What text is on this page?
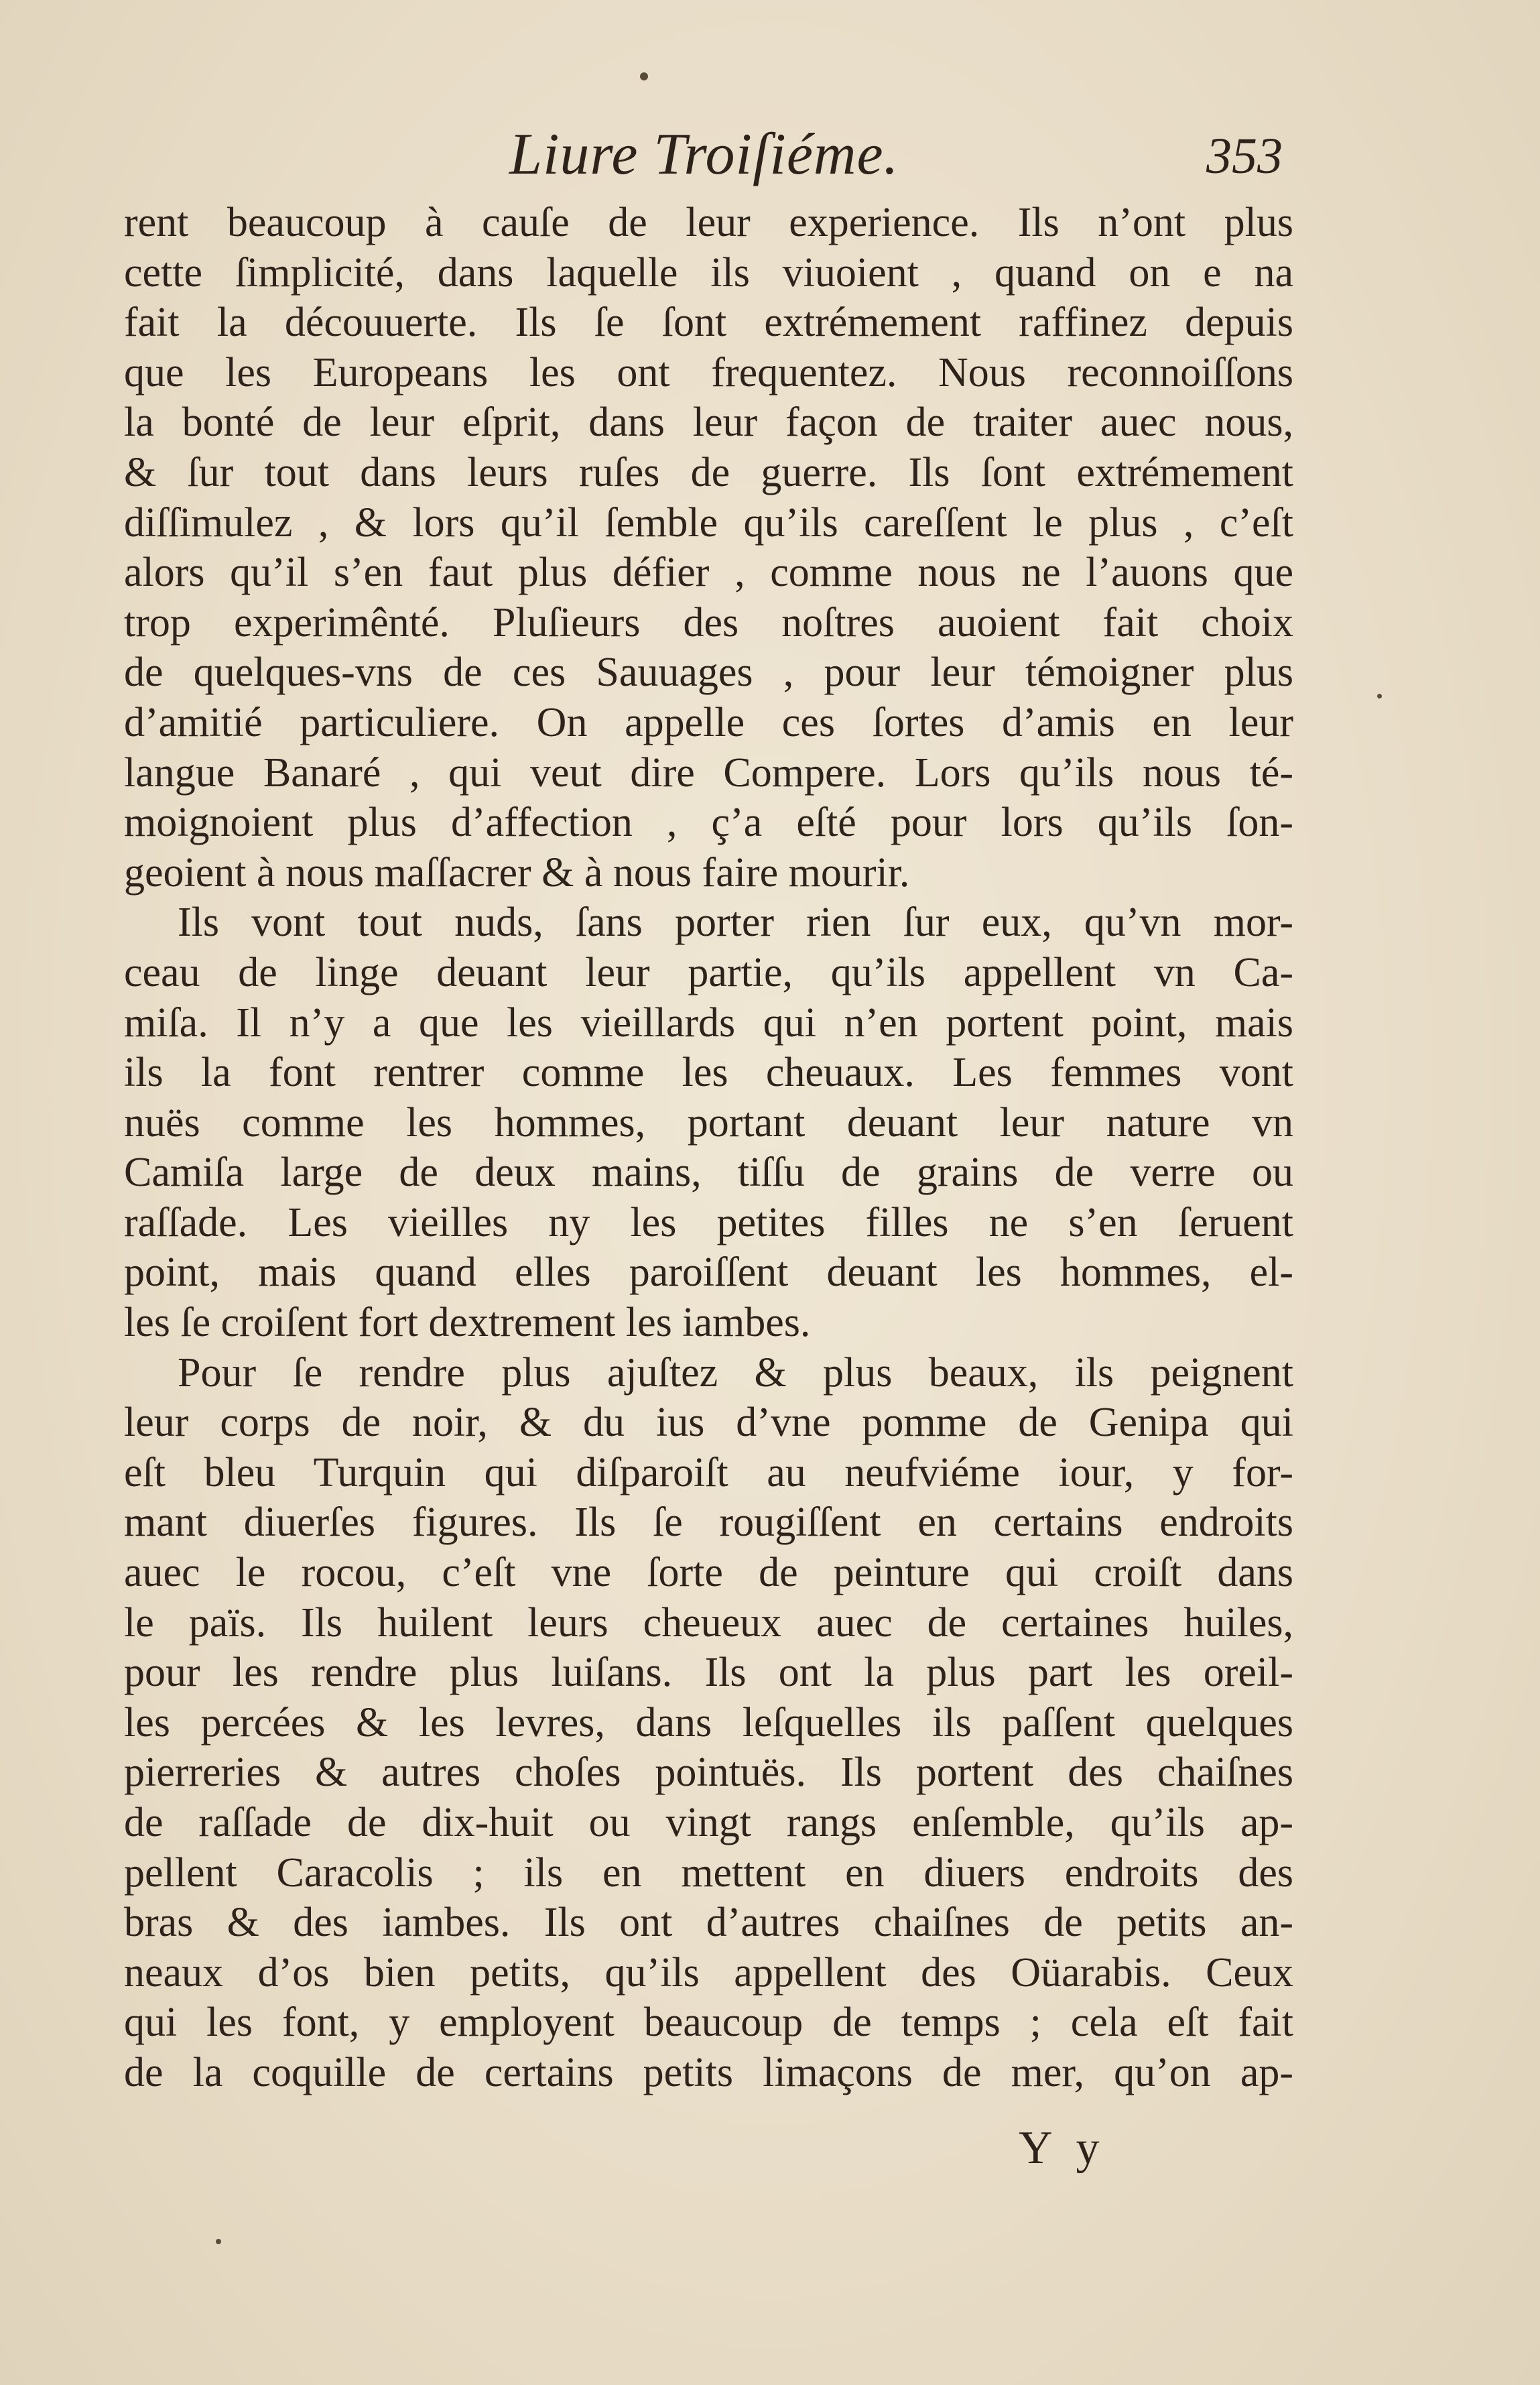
Liure Troiſiéme.	353
rent beaucoup à cauſe de leur experience. Ils n’ont plus
cette ſimplicité, dans laquelle ils viuoient , quand on e na
fait la découuerte. Ils ſe ſont extrémement raffinez depuis
que les Europeans les ont frequentez. Nous reconnoiſſons
la bonté de leur eſprit, dans leur façon de traiter auec nous,
& ſur tout dans leurs ruſes de guerre. Ils ſont extrémement
diſſimulez , & lors qu’il ſemble qu’ils careſſent le plus , c’eſt
alors qu’il s’en faut plus défier , comme nous ne l’auons que
trop experimênté. Pluſieurs des noſtres auoient fait choix
de quelques-vns de ces Sauuages , pour leur témoigner plus
d’amitié particuliere. On appelle ces ſortes d’amis en leur
langue Banaré , qui veut dire Compere. Lors qu’ils nous té-
moignoient plus d’affection , ç’a eſté pour lors qu’ils ſon-
geoient à nous maſſacrer & à nous faire mourir.
Ils vont tout nuds, ſans porter rien ſur eux, qu’vn mor-
ceau de linge deuant leur partie, qu’ils appellent vn Ca-
miſa. Il n’y a que les vieillards qui n’en portent point, mais
ils la font rentrer comme les cheuaux. Les femmes vont
nuës comme les hommes, portant deuant leur nature vn
Camiſa large de deux mains, tiſſu de grains de verre ou
raſſade. Les vieilles ny les petites filles ne s’en ſeruent
point, mais quand elles paroiſſent deuant les hommes, el-
les ſe croiſent fort dextrement les iambes.
Pour ſe rendre plus ajuſtez & plus beaux, ils peignent
leur corps de noir, & du ius d’vne pomme de Genipa qui
eſt bleu Turquin qui diſparoiſt au neufviéme iour, y for-
mant diuerſes figures. Ils ſe rougiſſent en certains endroits
auec le rocou, c’eſt vne ſorte de peinture qui croiſt dans
le païs. Ils huilent leurs cheueux auec de certaines huiles,
pour les rendre plus luiſans. Ils ont la plus part les oreil-
les percées & les levres, dans leſquelles ils paſſent quelques
pierreries & autres choſes pointuës. Ils portent des chaiſnes
de raſſade de dix-huit ou vingt rangs enſemble, qu’ils ap-
pellent Caracolis ; ils en mettent en diuers endroits des
bras & des iambes. Ils ont d’autres chaiſnes de petits an-
neaux d’os bien petits, qu’ils appellent des Oüarabis. Ceux
qui les font, y employent beaucoup de temps ; cela eſt fait
de la coquille de certains petits limaçons de mer, qu’on ap-
Y y
